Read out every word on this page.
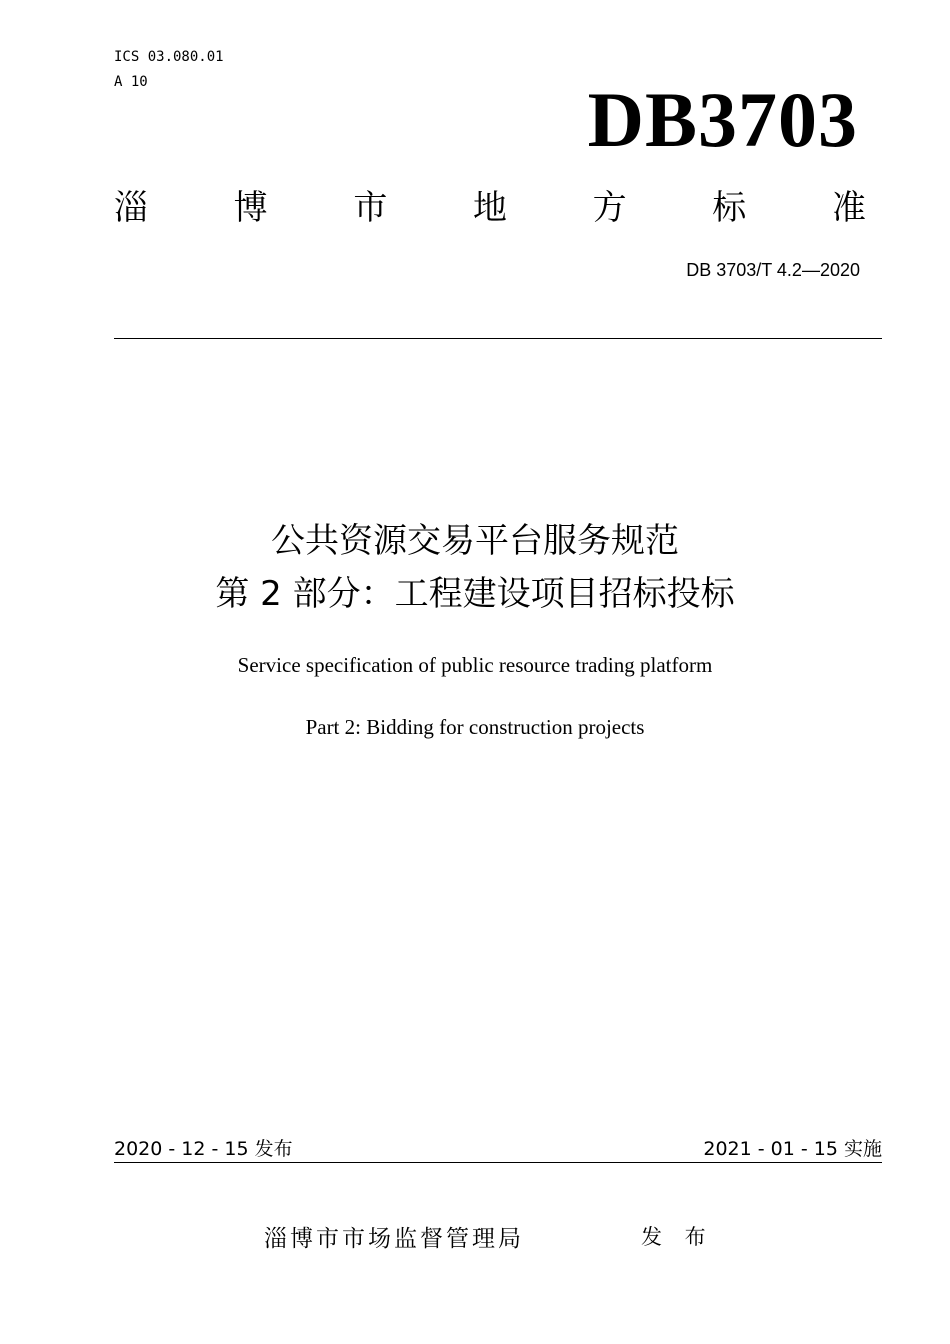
ICS 03.080.01
A 10	DB3703
淄	博	市	地	方	标	准
DB 3703/T 4.2—2020
公共资源交易平台服务规范
第 2 部分：工程建设项目招标投标
Service specification of public resource trading platform
Part 2: Bidding for construction projects
2020 - 12 - 15 发布	2021 - 01 - 15 实施
淄博市市场监督管理局	发 布
